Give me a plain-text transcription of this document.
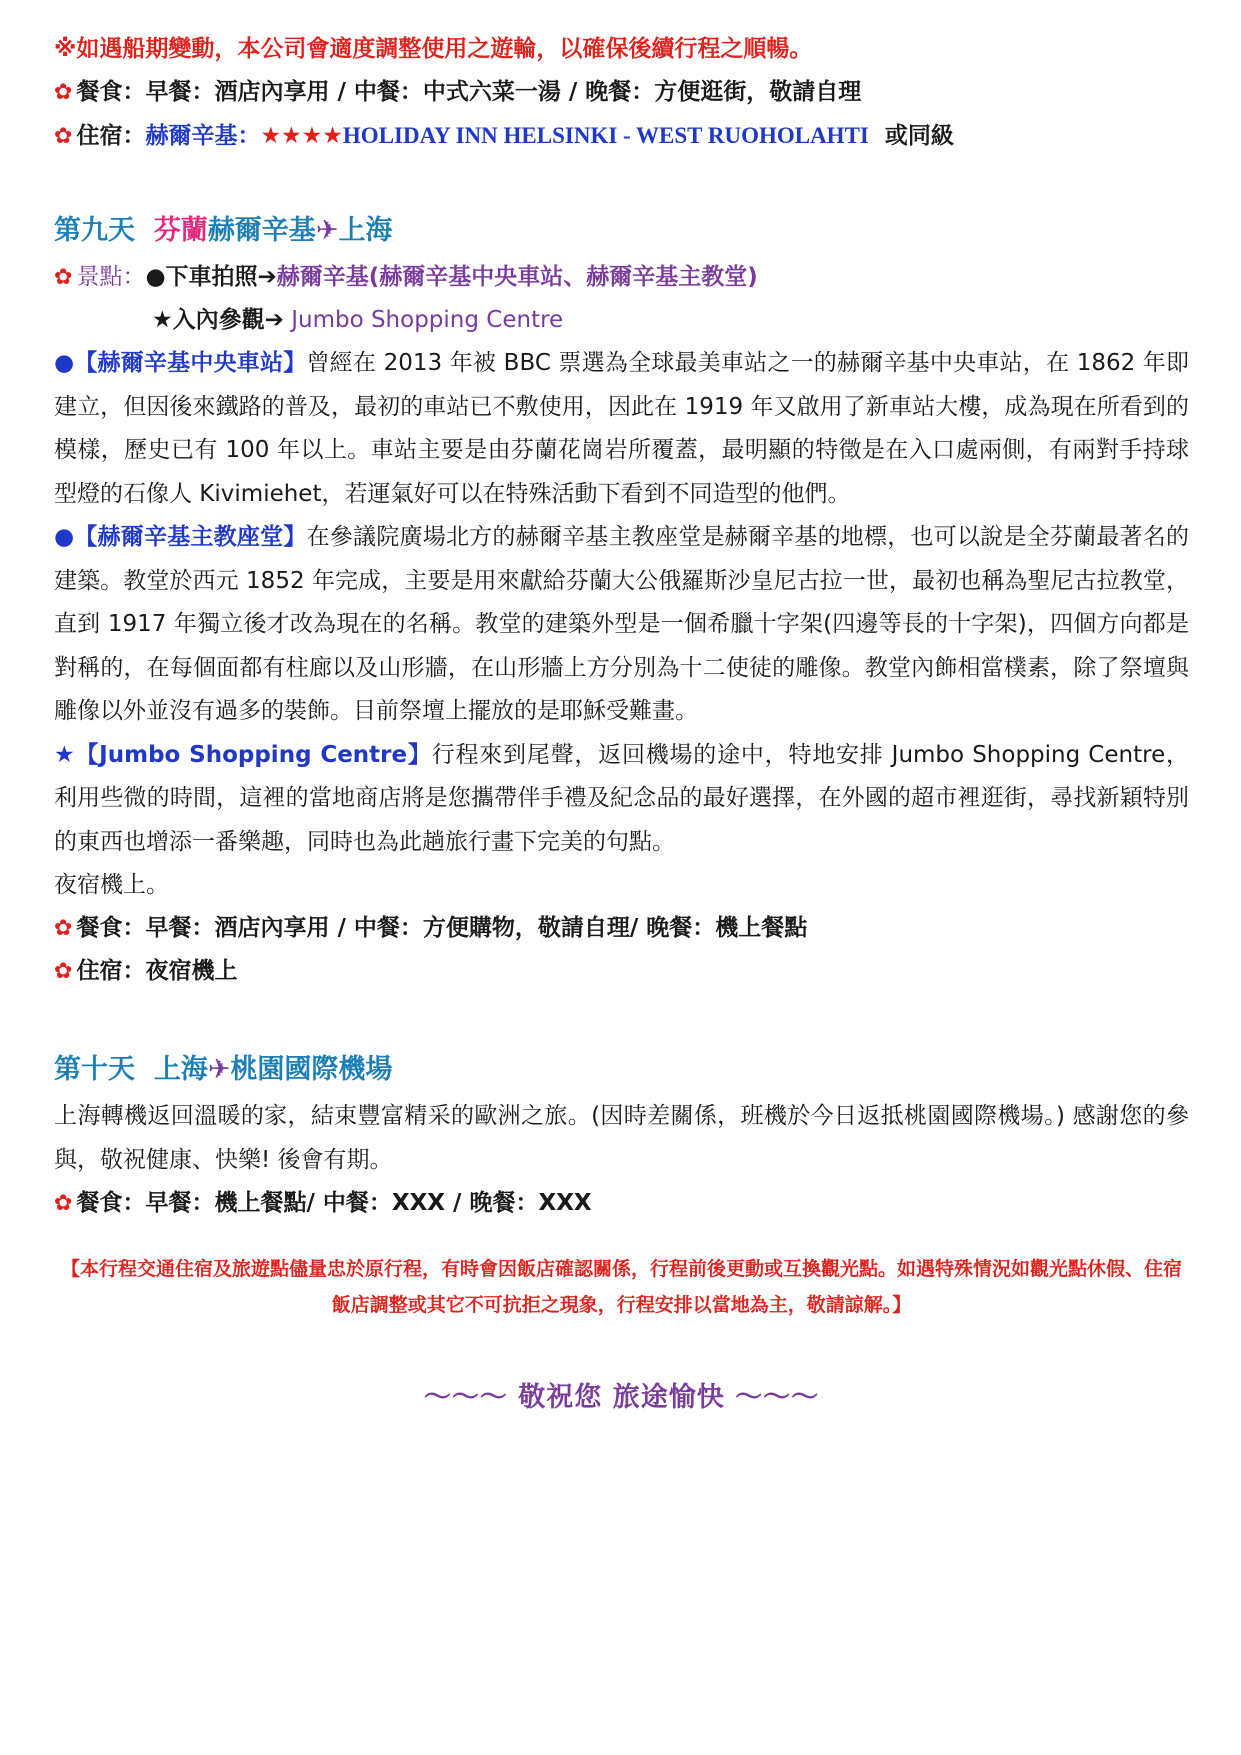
※如遇船期變動，本公司會適度調整使用之遊輪，以確保後續行程之順暢。
✿ 餐食：早餐：酒店內享用 / 中餐：中式六菜一湯 / 晚餐：方便逛街，敬請自理
✿ 住宿：赫爾辛基：★★★★HOLIDAY INN HELSINKI - WEST RUOHOLAHTI 或同級
第九天 芬蘭赫爾辛基✈上海
✿ 景點：●下車拍照➔赫爾辛基(赫爾辛基中央車站、赫爾辛基主教堂)
★入內參觀➔ Jumbo Shopping Centre
●【赫爾辛基中央車站】曾經在 2013 年被 BBC 票選為全球最美車站之一的赫爾辛基中央車站，在 1862 年即建立，但因後來鐵路的普及，最初的車站已不敷使用，因此在 1919 年又啟用了新車站大樓，成為現在所看到的模樣，歷史已有 100 年以上。車站主要是由芬蘭花崗岩所覆蓋，最明顯的特徵是在入口處兩側，有兩對手持球型燈的石像人 Kivimiehet，若運氣好可以在特殊活動下看到不同造型的他們。
●【赫爾辛基主教座堂】在參議院廣場北方的赫爾辛基主教座堂是赫爾辛基的地標，也可以說是全芬蘭最著名的建築。教堂於西元 1852 年完成，主要是用來獻給芬蘭大公俄羅斯沙皇尼古拉一世，最初也稱為聖尼古拉教堂，直到 1917 年獨立後才改為現在的名稱。教堂的建築外型是一個希臘十字架(四邊等長的十字架)，四個方向都是對稱的，在每個面都有柱廊以及山形牆，在山形牆上方分別為十二使徒的雕像。教堂內飾相當樸素，除了祭壇與雕像以外並沒有過多的裝飾。目前祭壇上擺放的是耶穌受難畫。
★【Jumbo Shopping Centre】行程來到尾聲，返回機場的途中，特地安排 Jumbo Shopping Centre，利用些微的時間，這裡的當地商店將是您攜帶伴手禮及紀念品的最好選擇，在外國的超市裡逛街，尋找新穎特別的東西也增添一番樂趣，同時也為此趟旅行畫下完美的句點。
夜宿機上。
✿ 餐食：早餐：酒店內享用 / 中餐：方便購物，敬請自理/ 晚餐：機上餐點
✿ 住宿：夜宿機上
第十天 上海✈桃園國際機場
上海轉機返回溫暖的家，結束豐富精采的歐洲之旅。(因時差關係，班機於今日返抵桃園國際機場。) 感謝您的參與，敬祝健康、快樂! 後會有期。
✿ 餐食：早餐：機上餐點/ 中餐：XXX / 晚餐：XXX
【本行程交通住宿及旅遊點儘量忠於原行程，有時會因飯店確認關係，行程前後更動或互換觀光點。如遇特殊情況如觀光點休假、住宿飯店調整或其它不可抗拒之現象，行程安排以當地為主，敬請諒解。】
～～～ 敬祝您 旅途愉快 ～～～
